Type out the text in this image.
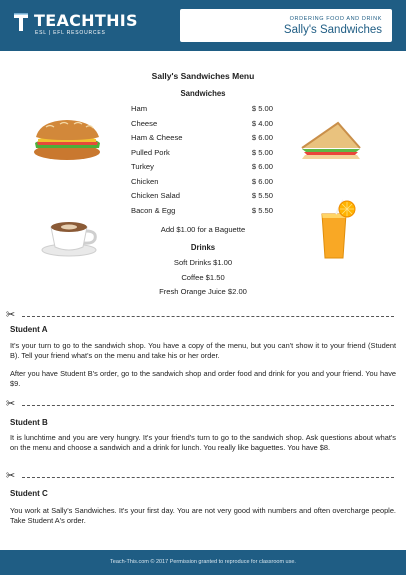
TEACHTHIS
ESL | EFL RESOURCES
ORDERING FOOD AND DRINK
Sally's Sandwiches
Sally's Sandwiches Menu
Sandwiches
Ham	$ 5.00
Cheese	$ 4.00
Ham & Cheese	$ 6.00
Pulled Pork	$ 5.00
Turkey	$ 6.00
Chicken	$ 6.00
Chicken Salad	$ 5.50
Bacon & Egg	$ 5.50
Add $1.00 for a Baguette
Drinks
Soft Drinks $1.00
Coffee $1.50
Fresh Orange Juice $2.00
✂
Student A
It's your turn to go to the sandwich shop. You have a copy of the menu, but you can't show it to your friend (Student B). Tell your friend what's on the menu and take his or her order.
After you have Student B's order, go to the sandwich shop and order food and drink for you and your friend. You have $9.
✂
Student B
It is lunchtime and you are very hungry. It's your friend's turn to go to the sandwich shop. Ask questions about what's on the menu and choose a sandwich and a drink for lunch. You really like baguettes. You have $8.
✂
Student C
You work at Sally's Sandwiches. It's your first day. You are not very good with numbers and often overcharge people. Take Student A's order.
Teach-This.com © 2017 Permission granted to reproduce for classroom use.
